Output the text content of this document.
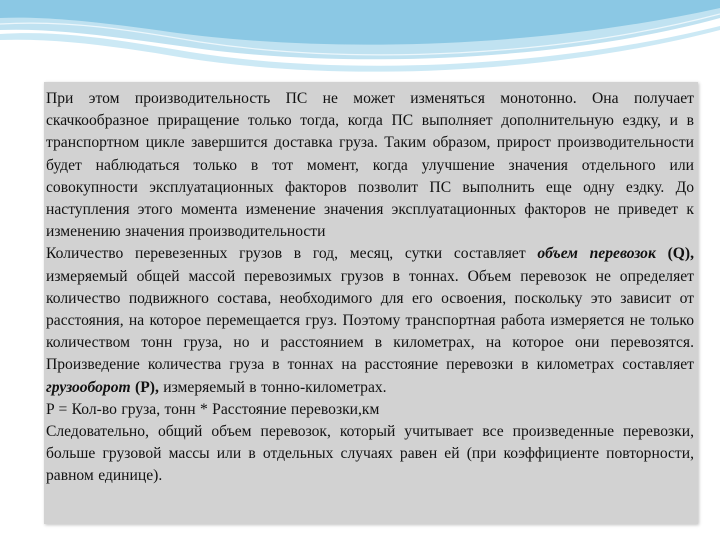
При этом производительность ПС не может изменяться монотонно. Она получает скачкообразное приращение только тогда, когда ПС выполняет дополнительную ездку, и в транспортном цикле завершится доставка груза. Таким образом, прирост производительности будет наблюдаться только в тот момент, когда улучшение значения отдельного или совокупности эксплуатационных факторов позволит ПС выполнить еще одну ездку. До наступления этого момента изменение значения эксплуатационных факторов не приведет к изменению значения производительности

Количество перевезенных грузов в год, месяц, сутки составляет объем перевозок (Q), измеряемый общей массой перевозимых грузов в тоннах. Объем перевозок не определяет количество подвижного состава, необходимого для его освоения, поскольку это зависит от расстояния, на которое перемещается груз. Поэтому транспортная работа измеряется не только количеством тонн груза, но и расстоянием в километрах, на которое они перевозятся. Произведение количества груза в тоннах на расстояние перевозки в километрах составляет грузооборот (P), измеряемый в тонно-километрах.

P = Кол-во груза, тонн * Расстояние перевозки,км

Следовательно, общий объем перевозок, который учитывает все произведенные перевозки, больше грузовой массы или в отдельных случаях равен ей (при коэффициенте повторности, равном единице).
